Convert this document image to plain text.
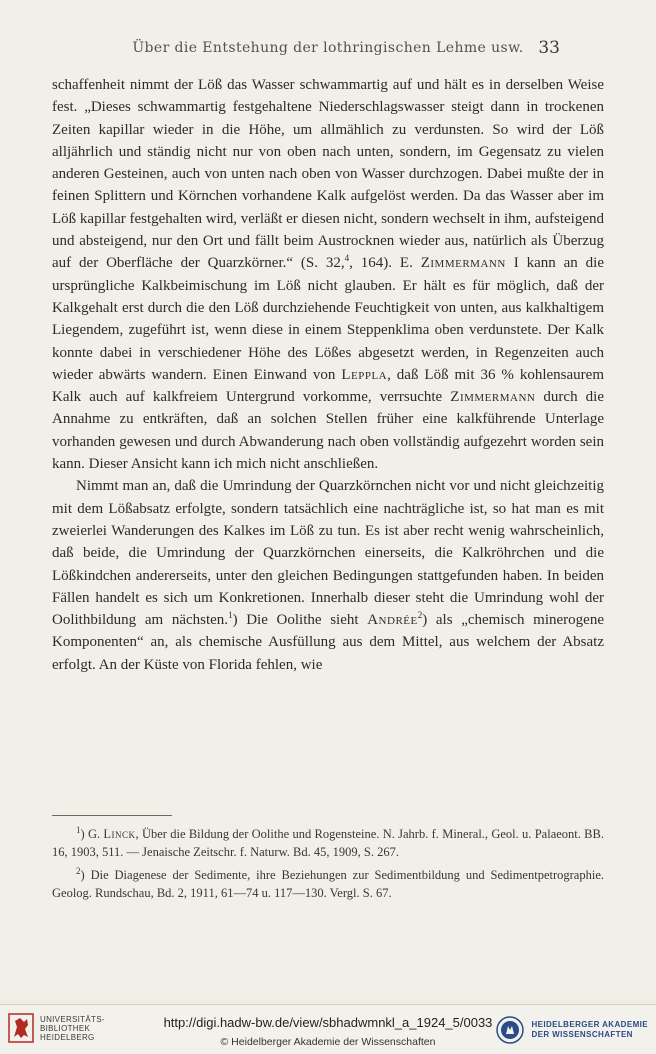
Über die Entstehung der lothringischen Lehme usw. 33

schaffenheit nimmt der Löß das Wasser schwammartig auf und hält es in derselben Weise fest. „Dieses schwammartig festgehaltene Niederschlagswasser steigt dann in trockenen Zeiten kapillar wieder in die Höhe, um allmählich zu verdunsten. So wird der Löß alljährlich und ständig nicht nur von oben nach unten, sondern, im Gegensatz zu vielen anderen Gesteinen, auch von unten nach oben von Wasser durchzogen. Dabei mußte der in feinen Splittern und Körnchen vorhandene Kalk aufgelöst werden. Da das Wasser aber im Löß kapillar festgehalten wird, verläßt er diesen nicht, sondern wechselt in ihm, aufsteigend und absteigend, nur den Ort und fällt beim Austrocknen wieder aus, natürlich als Überzug auf der Oberfläche der Quarzkörner.“ (S. 32,$^4$, 164). E. Zimmermann I kann an die ursprüngliche Kalkbeimischung im Löß nicht glauben. Er hält es für möglich, daß der Kalkgehalt erst durch die den Löß durchziehende Feuchtigkeit von unten, aus kalkhaltigem Liegendem, zugeführt ist, wenn diese in einem Steppenklima oben verdunstete. Der Kalk konnte dabei in verschiedener Höhe des Lößes abgesetzt werden, in Regenzeiten auch wieder abwärts wandern. Einen Einwand von Leppla, daß Löß mit 36 % kohlensaurem Kalk auch auf kalkfreiem Untergrund vorkomme, verrsuchte Zimmermann durch die Annahme zu entkräften, daß an solchen Stellen früher eine kalkführende Unterlage vorhanden gewesen und durch Abwanderung nach oben vollständig aufgezehrt worden sein kann. Dieser Ansicht kann ich mich nicht anschließen.

Nimmt man an, daß die Umrindung der Quarzkörnchen nicht vor und nicht gleichzeitig mit dem Lößabsatz erfolgte, sondern tatsächlich eine nachträgliche ist, so hat man es mit zweierlei Wanderungen des Kalkes im Löß zu tun. Es ist aber recht wenig wahrscheinlich, daß beide, die Umrindung der Quarzkörnchen einerseits, die Kalkröhrchen und die Lößkindchen andererseits, unter den gleichen Bedingungen stattgefunden haben. In beiden Fällen handelt es sich um Konkretionen. Innerhalb dieser steht die Umrindung wohl der Oolithbildung am nächsten.$^1$) Die Oolithe sieht Andrée$^2$) als „chemisch minerogene Komponenten“ an, als chemische Ausfüllung aus dem Mittel, aus welchem der Absatz erfolgt. An der Küste von Florida fehlen, wie

$^1$) G. Linck, Über die Bildung der Oolithe und Rogensteine. N. Jahrb. f. Mineral., Geol. u. Palaeont. BB. 16, 1903, 511. — Jenaische Zeitschr. f. Naturw. Bd. 45, 1909, S. 267.

$^2$) Die Diagenese der Sedimente, ihre Beziehungen zur Sedimentbildung und Sedimentpetrographie. Geolog. Rundschau, Bd. 2, 1911, 61—74 u. 117—130. Vergl. S. 67.

UNIVERSITÄTS-
BIBLIOTHEK
HEIDELBERG
http://digi.hadw-bw.de/view/sbhadwmnkl_a_1924_5/0033
© Heidelberger Akademie der Wissenschaften
HEIDELBERGER AKADEMIE
DER WISSENSCHAFTEN
